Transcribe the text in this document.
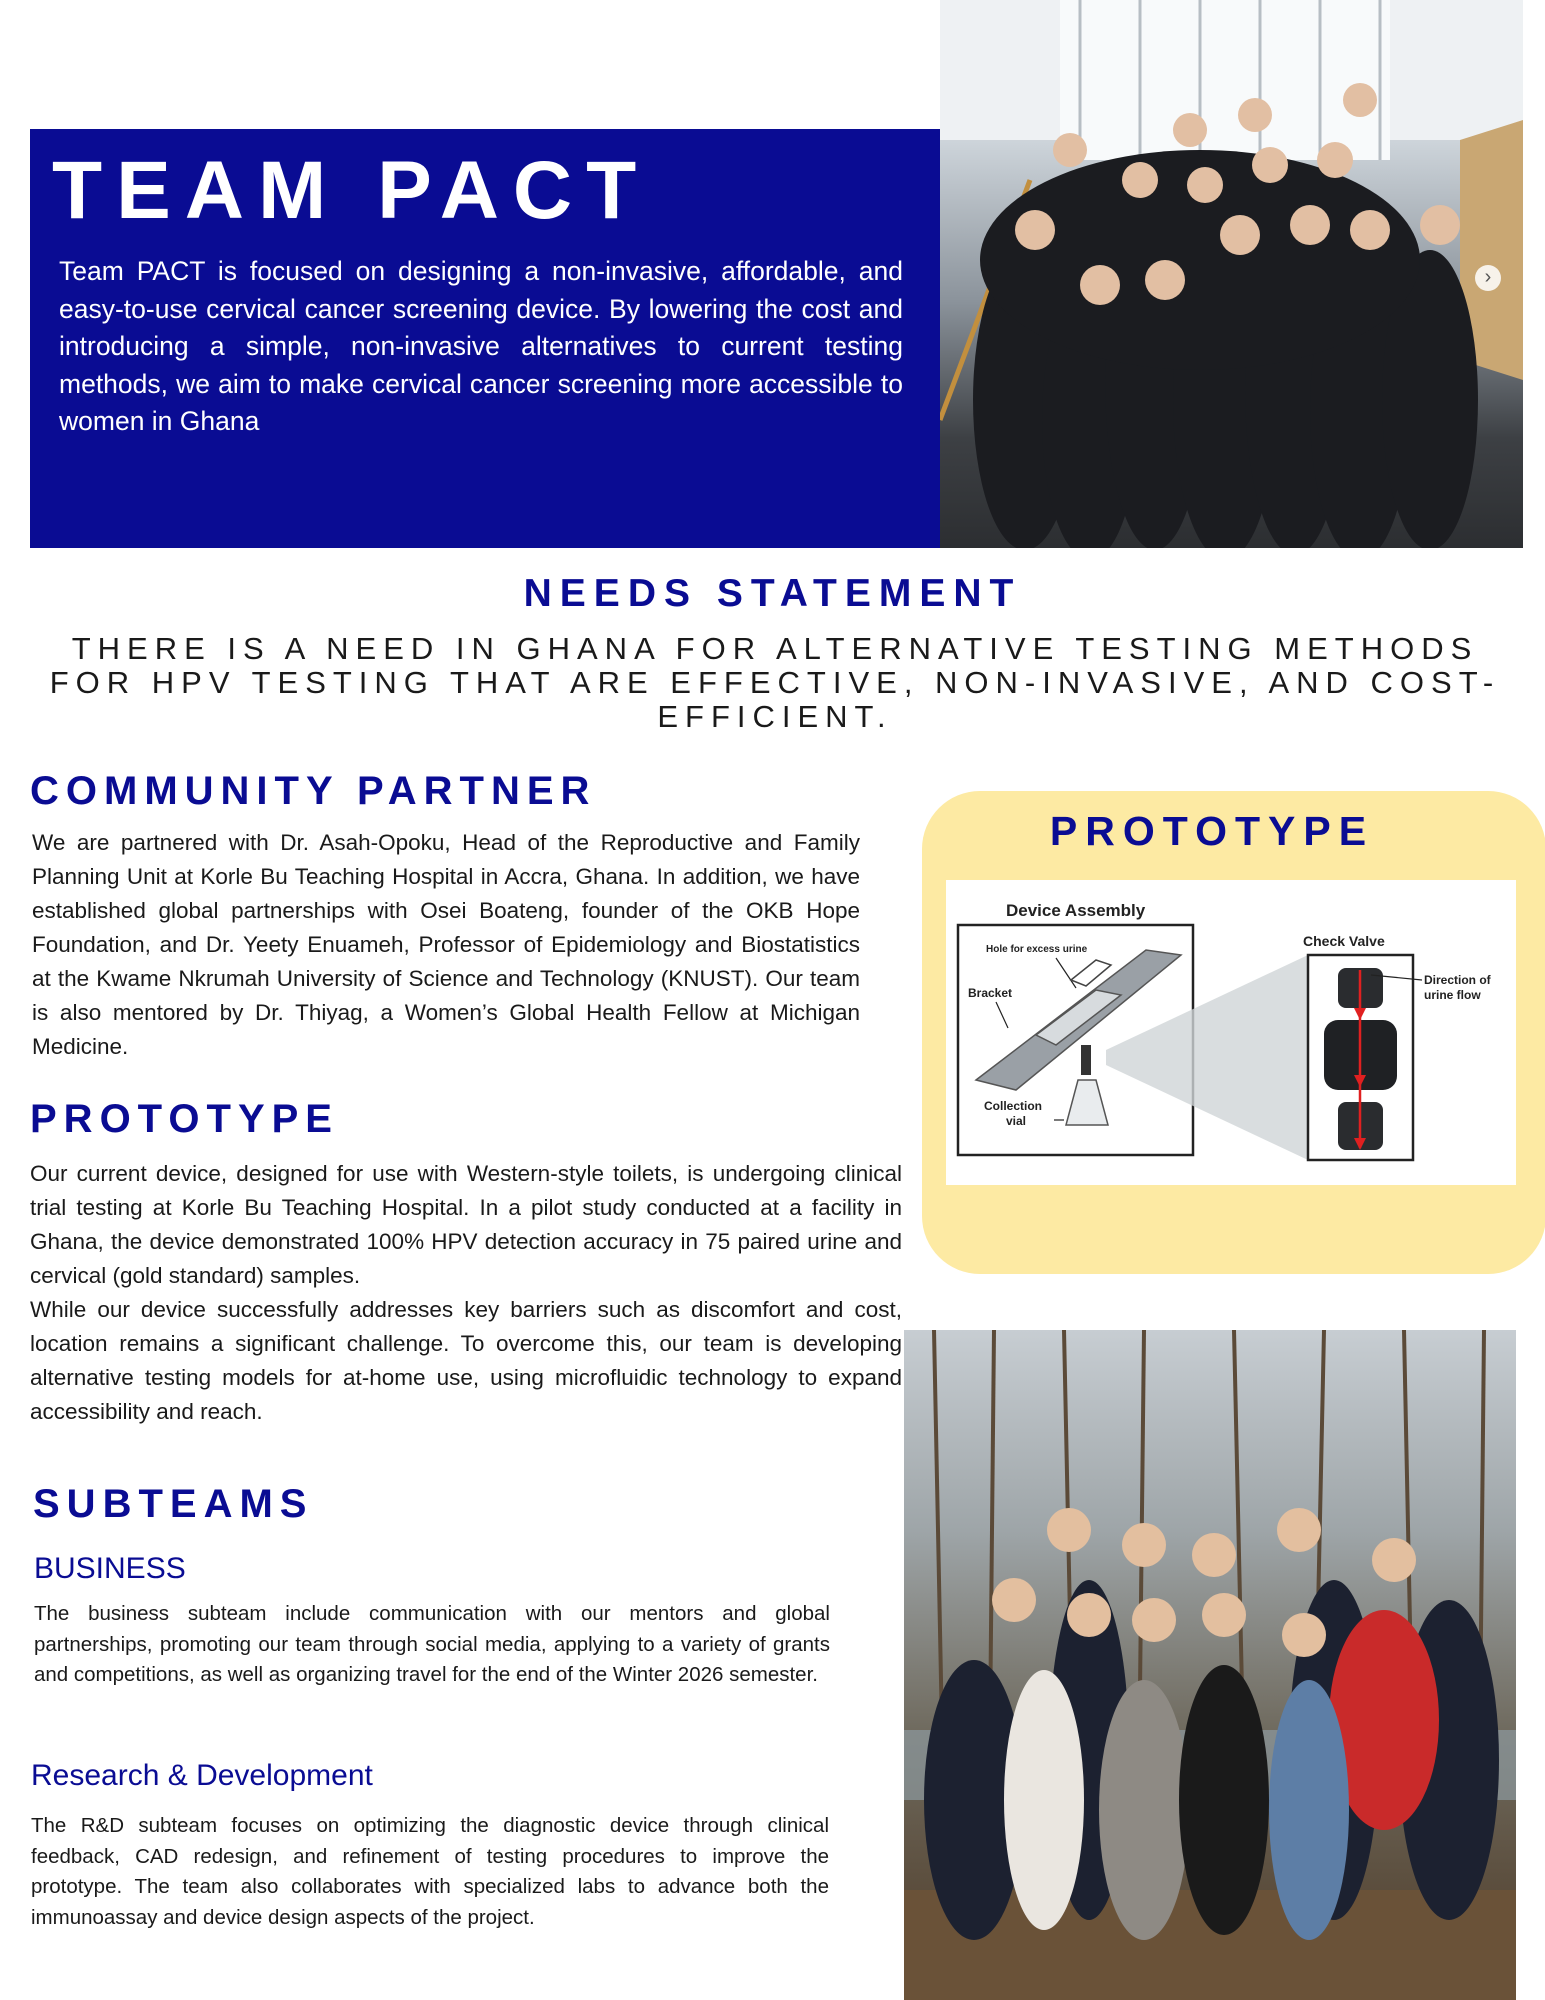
TEAM PACT
Team PACT is focused on designing a non-invasive, affordable, and easy-to-use cervical cancer screening device. By lowering the cost and introducing a simple, non-invasive alternatives to current testing methods, we aim to make cervical cancer screening more accessible to women in Ghana
›
NEEDS STATEMENT
THERE IS A NEED IN GHANA FOR ALTERNATIVE TESTING METHODS FOR HPV TESTING THAT ARE EFFECTIVE, NON-INVASIVE, AND COST-EFFICIENT.
COMMUNITY PARTNER
We are partnered with Dr. Asah-Opoku, Head of the Reproductive and Family Planning Unit at Korle Bu Teaching Hospital in Accra, Ghana. In addition, we have established global partnerships with Osei Boateng, founder of the OKB Hope Foundation, and Dr. Yeety Enuameh, Professor of Epidemiology and Biostatistics at the Kwame Nkrumah University of Science and Technology (KNUST). Our team is also mentored by Dr. Thiyag, a Women’s Global Health Fellow at Michigan Medicine.
PROTOTYPE
Our current device, designed for use with Western-style toilets, is undergoing clinical trial testing at Korle Bu Teaching Hospital. In a pilot study conducted at a facility in Ghana, the device demonstrated 100% HPV detection accuracy in 75 paired urine and cervical (gold standard) samples.
While our device successfully addresses key barriers such as discomfort and cost, location remains a significant challenge. To overcome this, our team is developing alternative testing models for at-home use, using microfluidic technology to expand accessibility and reach.
PROTOTYPE
Device Assembly
Hole for excess urine
Bracket
Collection
vial
Check Valve
Direction of
urine flow
SUBTEAMS
BUSINESS
The business subteam include communication with our mentors and global partnerships, promoting our team through social media, applying to a variety of grants and competitions, as well as organizing travel for the end of the Winter 2026 semester.
Research & Development
The R&D subteam focuses on optimizing the diagnostic device through clinical feedback, CAD redesign, and refinement of testing procedures to improve the prototype. The team also collaborates with specialized labs to advance both the immunoassay and device design aspects of the project.
